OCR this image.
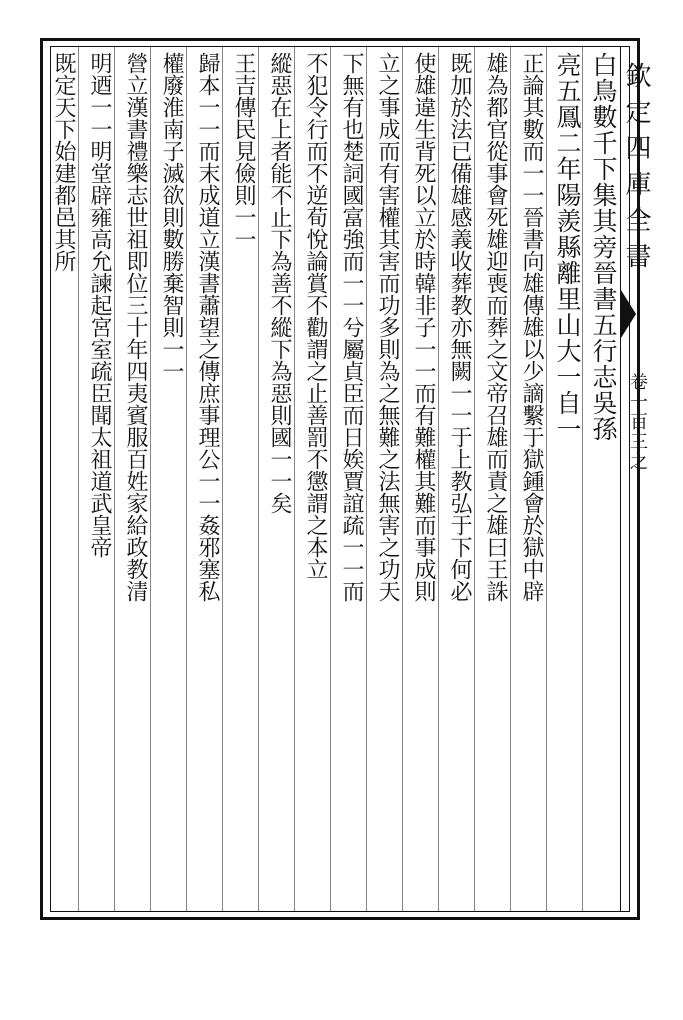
欽定四庫全書
卷一百三之
白鳥數千下集其旁晉書五行志吳孫
亮五鳳二年陽羨縣離里山大一自一
正論其數而一一晉書向雄傳雄以少謫繫于獄鍾會於獄中辟
雄為都官從事會死雄迎喪而葬之文帝召雄而責之雄曰王誅
既加於法已備雄感義收葬教亦無闕一一于上教弘于下何必
使雄違生背死以立於時韓非子一一而有難權其難而事成則
立之事成而有害權其害而功多則為之無難之法無害之功天
下無有也楚詞國富強而一一兮屬貞臣而日娭賈誼疏一一而
不犯令行而不逆荀悅論賞不勸謂之止善罰不懲謂之本立
縱惡在上者能不止下為善不縱下為惡則國一一矣
王吉傳民見儉則一一
歸本一一而末成道立漢書蕭望之傳庶事理公一一姦邪塞私
權廢淮南子滅欲則數勝棄智則一一
營立漢書禮樂志世祖即位三十年四夷賓服百姓家給政教清
明迺一一明堂辟雍高允諫起宮室疏臣聞太祖道武皇帝
既定天下始建都邑其所
